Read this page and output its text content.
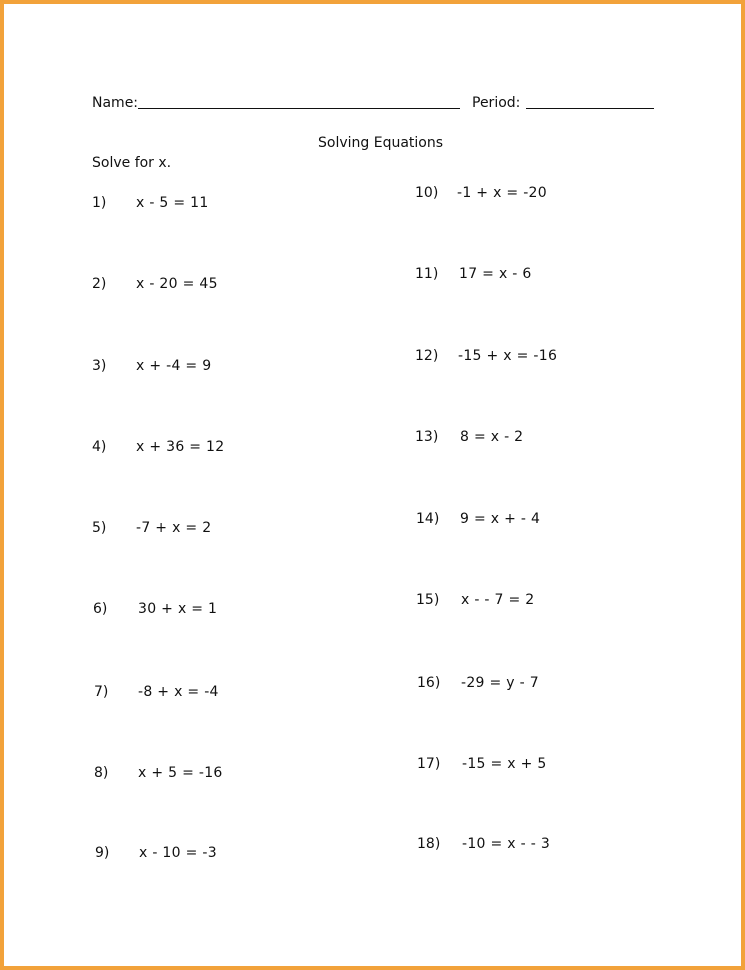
Name:	Period:
Solving Equations
Solve for x.
1) x - 5 = 11
2) x - 20 = 45
3) x + -4 = 9
4) x + 36 = 12
5) -7 + x = 2
6) 30 + x = 1
7) -8 + x = -4
8) x + 5 = -16
9) x - 10 = -3
10) -1 + x = -20
11) 17 = x - 6
12) -15 + x = -16
13) 8 = x - 2
14) 9 = x + - 4
15) x - - 7 = 2
16) -29 = y - 7
17) -15 = x + 5
18) -10 = x - - 3
